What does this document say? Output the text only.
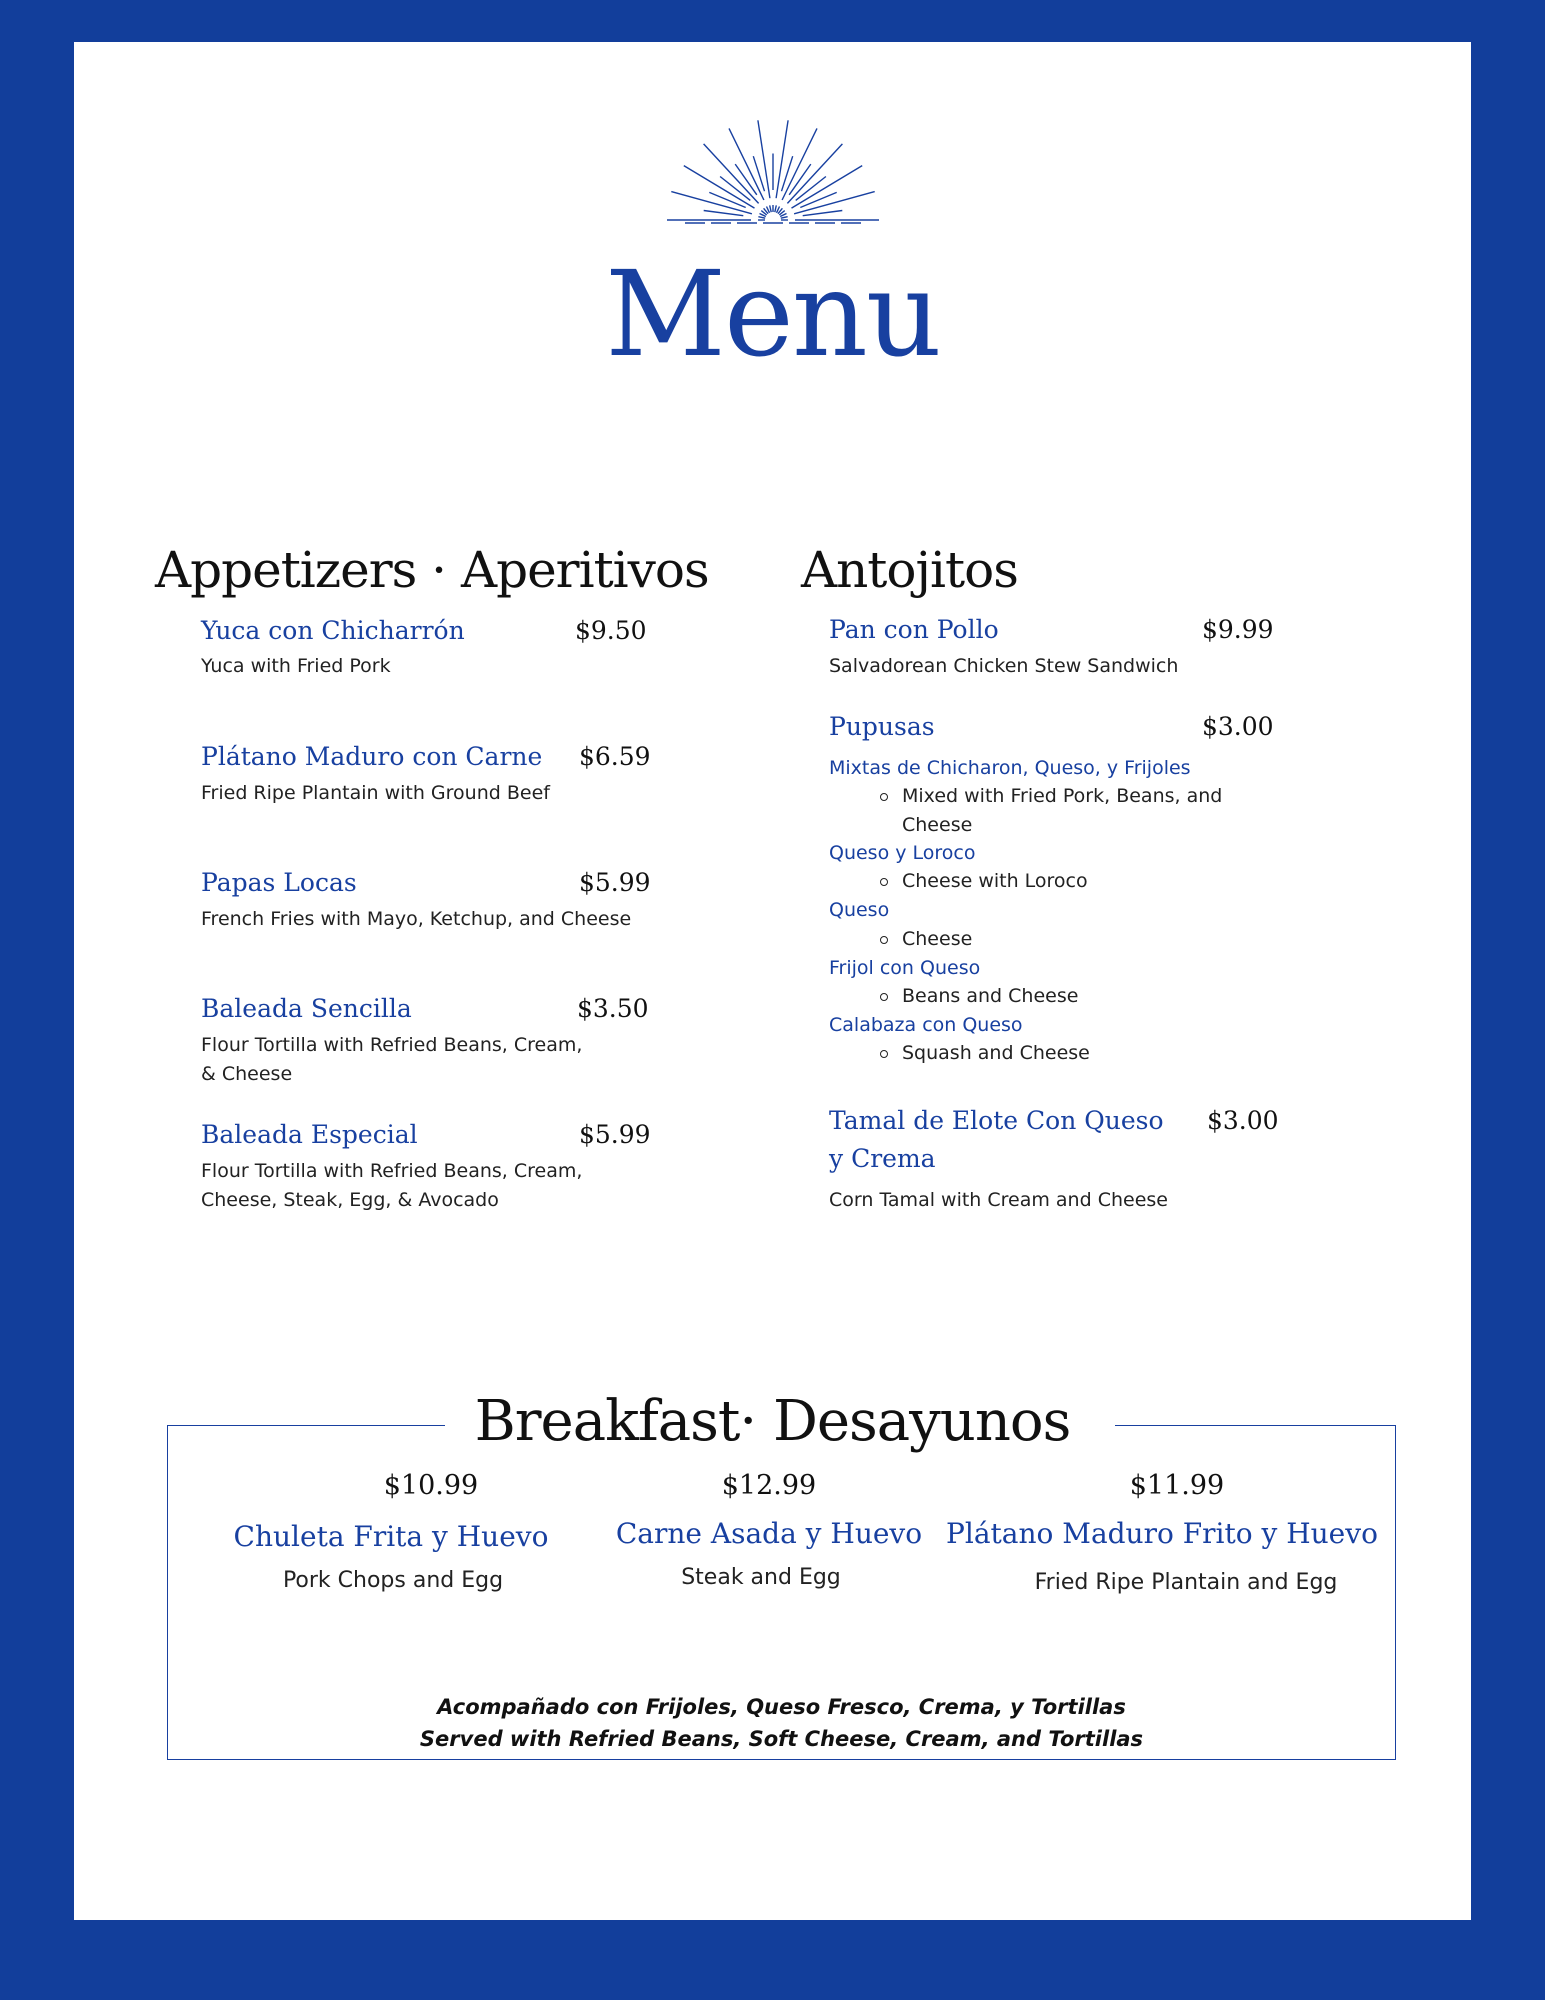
Menu
Appetizers · Aperitivos
Yuca con Chicharrón	$9.50
Yuca with Fried Pork
Plátano Maduro con Carne $6.59
Fried Ripe Plantain with Ground Beef
Papas Locas	$5.99
French Fries with Mayo, Ketchup, and Cheese
Baleada Sencilla	$3.50
Flour Tortilla with Refried Beans, Cream, & Cheese
Baleada Especial	$5.99
Flour Tortilla with Refried Beans, Cream, Cheese, Steak, Egg, & Avocado
Antojitos
Pan con Pollo	$9.99
Salvadorean Chicken Stew Sandwich
Pupusas	$3.00
Mixtas de Chicharon, Queso, y Frijoles
Mixed with Fried Pork, Beans, and Cheese
Queso y Loroco
Cheese with Loroco
Queso
Cheese
Frijol con Queso
Beans and Cheese
Calabaza con Queso
Squash and Cheese
Tamal de Elote Con Queso
y Crema
$3.00
Corn Tamal with Cream and Cheese
Breakfast· Desayunos
$10.99
Chuleta Frita y Huevo
Pork Chops and Egg
$12.99
Carne Asada y Huevo
Steak and Egg
$11.99
Plátano Maduro Frito y Huevo
Fried Ripe Plantain and Egg
Acompañado con Frijoles, Queso Fresco, Crema, y Tortillas
Served with Refried Beans, Soft Cheese, Cream, and Tortillas
